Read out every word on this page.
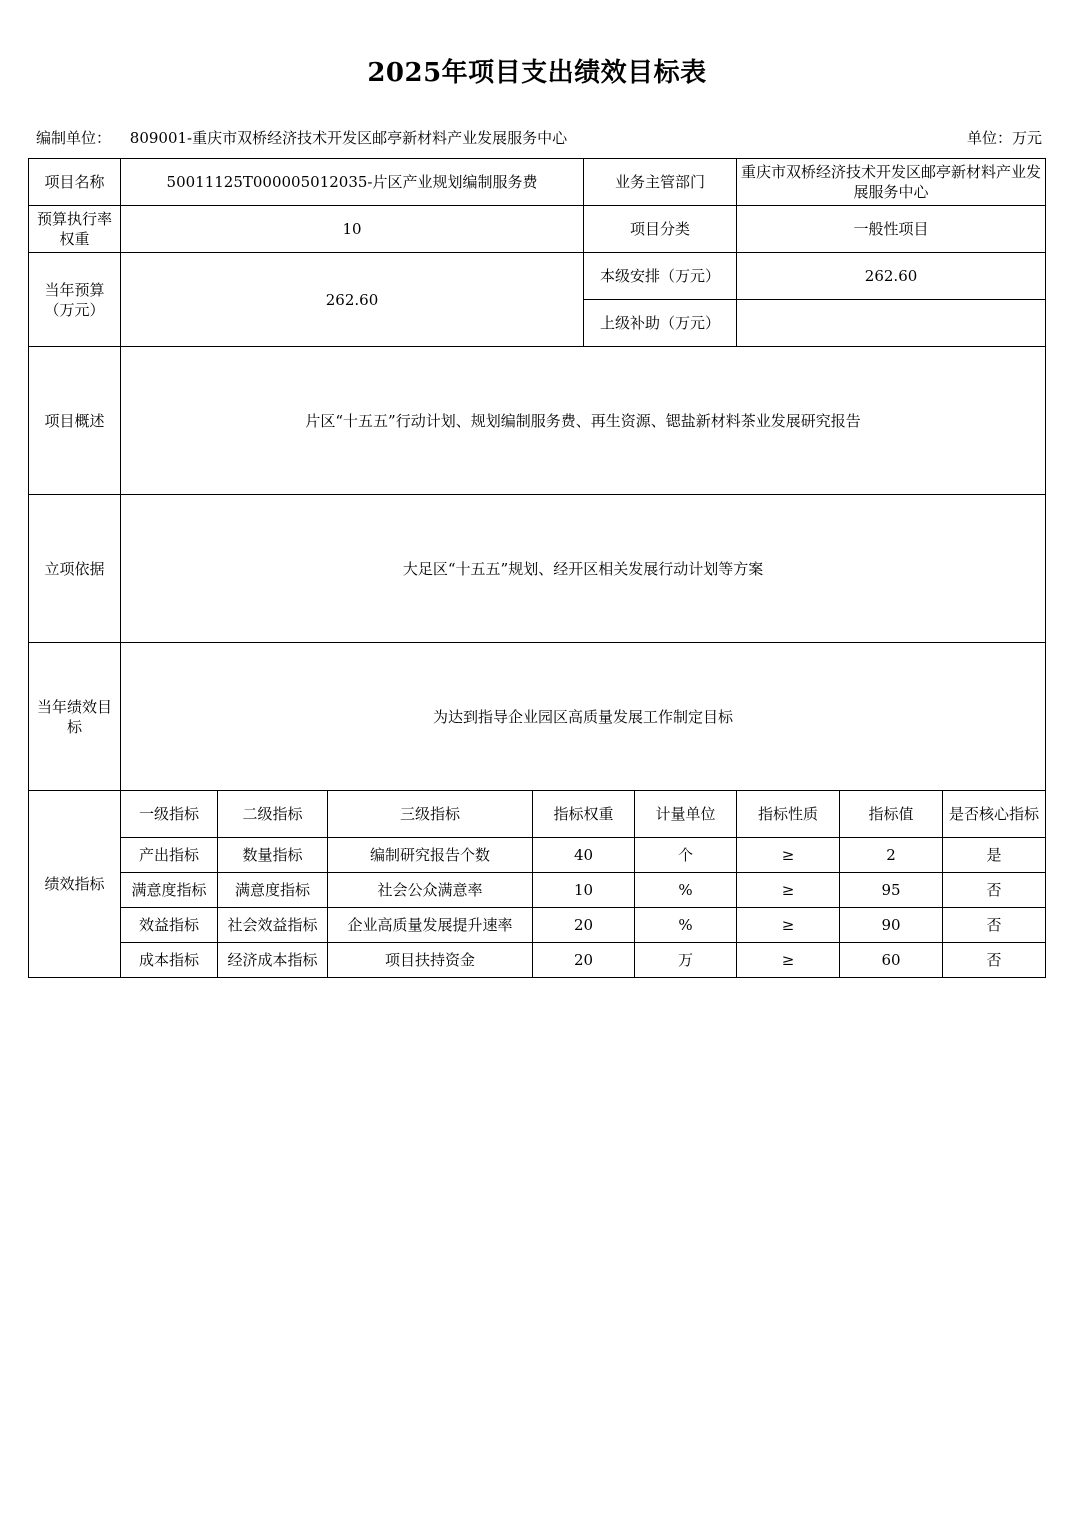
2025年项目支出绩效目标表
编制单位： 809001-重庆市双桥经济技术开发区邮亭新材料产业发展服务中心	单位：万元
项目名称	50011125T000005012035-片区产业规划编制服务费				业务主管部门		重庆市双桥经济技术开发区邮亭新材料产业发展服务中心		
预算执行率权重	10				项目分类		一般性项目		
当年预算（万元）	262.60				本级安排（万元）		262.60		
					上级补助（万元）				
项目概述	片区“十五五”行动计划、规划编制服务费、再生资源、锶盐新材料茶业发展研究报告								
立项依据	大足区“十五五”规划、经开区相关发展行动计划等方案								
当年绩效目标	为达到指导企业园区高质量发展工作制定目标								
绩效指标	一级指标	二级指标	三级指标	指标权重		计量单位	指标性质	指标值	是否核心指标
	产出指标	数量指标	编制研究报告个数	40		个	≥	2	是
	满意度指标	满意度指标	社会公众满意率	10		%	≥	95	否
	效益指标	社会效益指标	企业高质量发展提升速率	20		%	≥	90	否
	成本指标	经济成本指标	项目扶持资金	20		万	≥	60	否
